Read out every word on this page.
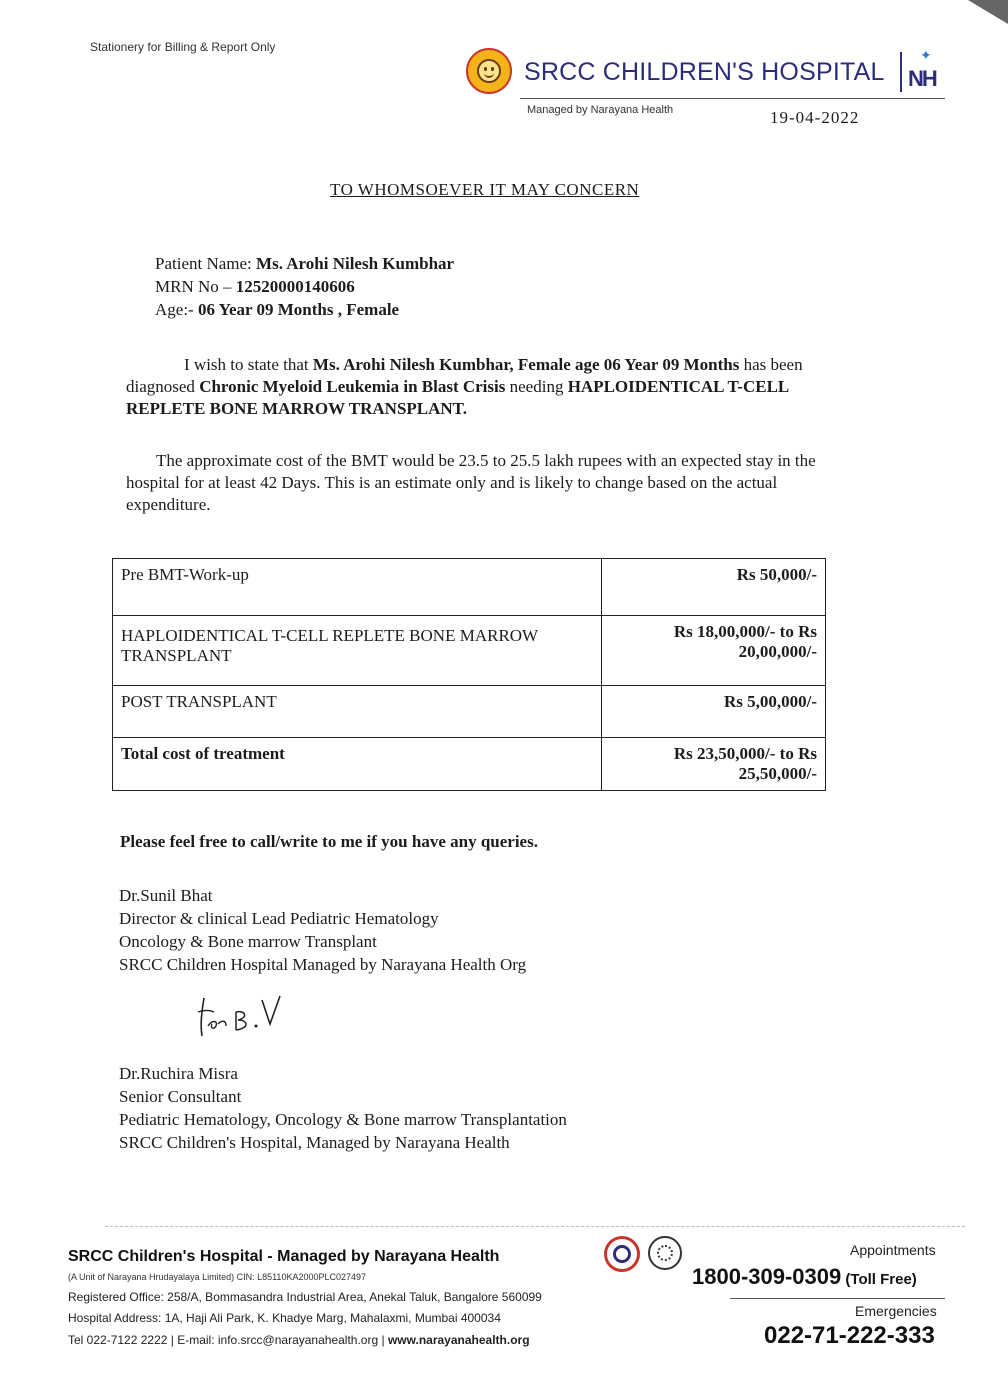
Stationery for Billing & Report Only
SRCC CHILDREN'S HOSPITAL
✦
NH
Managed by Narayana Health	19-04-2022
TO WHOMSOEVER IT MAY CONCERN
Patient Name: Ms. Arohi Nilesh Kumbhar
MRN No – 12520000140606
Age:- 06 Year 09 Months , Female
I wish to state that Ms. Arohi Nilesh Kumbhar, Female age 06 Year 09 Months has been diagnosed Chronic Myeloid Leukemia in Blast Crisis needing HAPLOIDENTICAL T-CELL REPLETE BONE MARROW TRANSPLANT.
The approximate cost of the BMT would be 23.5 to 25.5 lakh rupees with an expected stay in the hospital for at least 42 Days. This is an estimate only and is likely to change based on the actual expenditure.
Pre BMT-Work-up	Rs 50,000/-
HAPLOIDENTICAL T-CELL REPLETE BONE MARROW TRANSPLANT	Rs 18,00,000/- to Rs 20,00,000/-
POST TRANSPLANT	Rs 5,00,000/-
Total cost of treatment	Rs 23,50,000/- to Rs 25,50,000/-
Please feel free to call/write to me if you have any queries.
Dr.Sunil Bhat
Director & clinical Lead Pediatric Hematology
Oncology & Bone marrow Transplant
SRCC Children Hospital Managed by Narayana Health Org
Dr.Ruchira Misra
Senior Consultant
Pediatric Hematology, Oncology & Bone marrow Transplantation
SRCC Children's Hospital, Managed by Narayana Health
SRCC Children's Hospital - Managed by Narayana Health
(A Unit of Narayana Hrudayalaya Limited) CIN: L85110KA2000PLC027497
Registered Office: 258/A, Bommasandra Industrial Area, Anekal Taluk, Bangalore 560099
Hospital Address: 1A, Haji Ali Park, K. Khadye Marg, Mahalaxmi, Mumbai 400034
Tel 022-7122 2222 | E-mail: info.srcc@narayanahealth.org | www.narayanahealth.org
Appointments
1800-309-0309 (Toll Free)
Emergencies
022-71-222-333
